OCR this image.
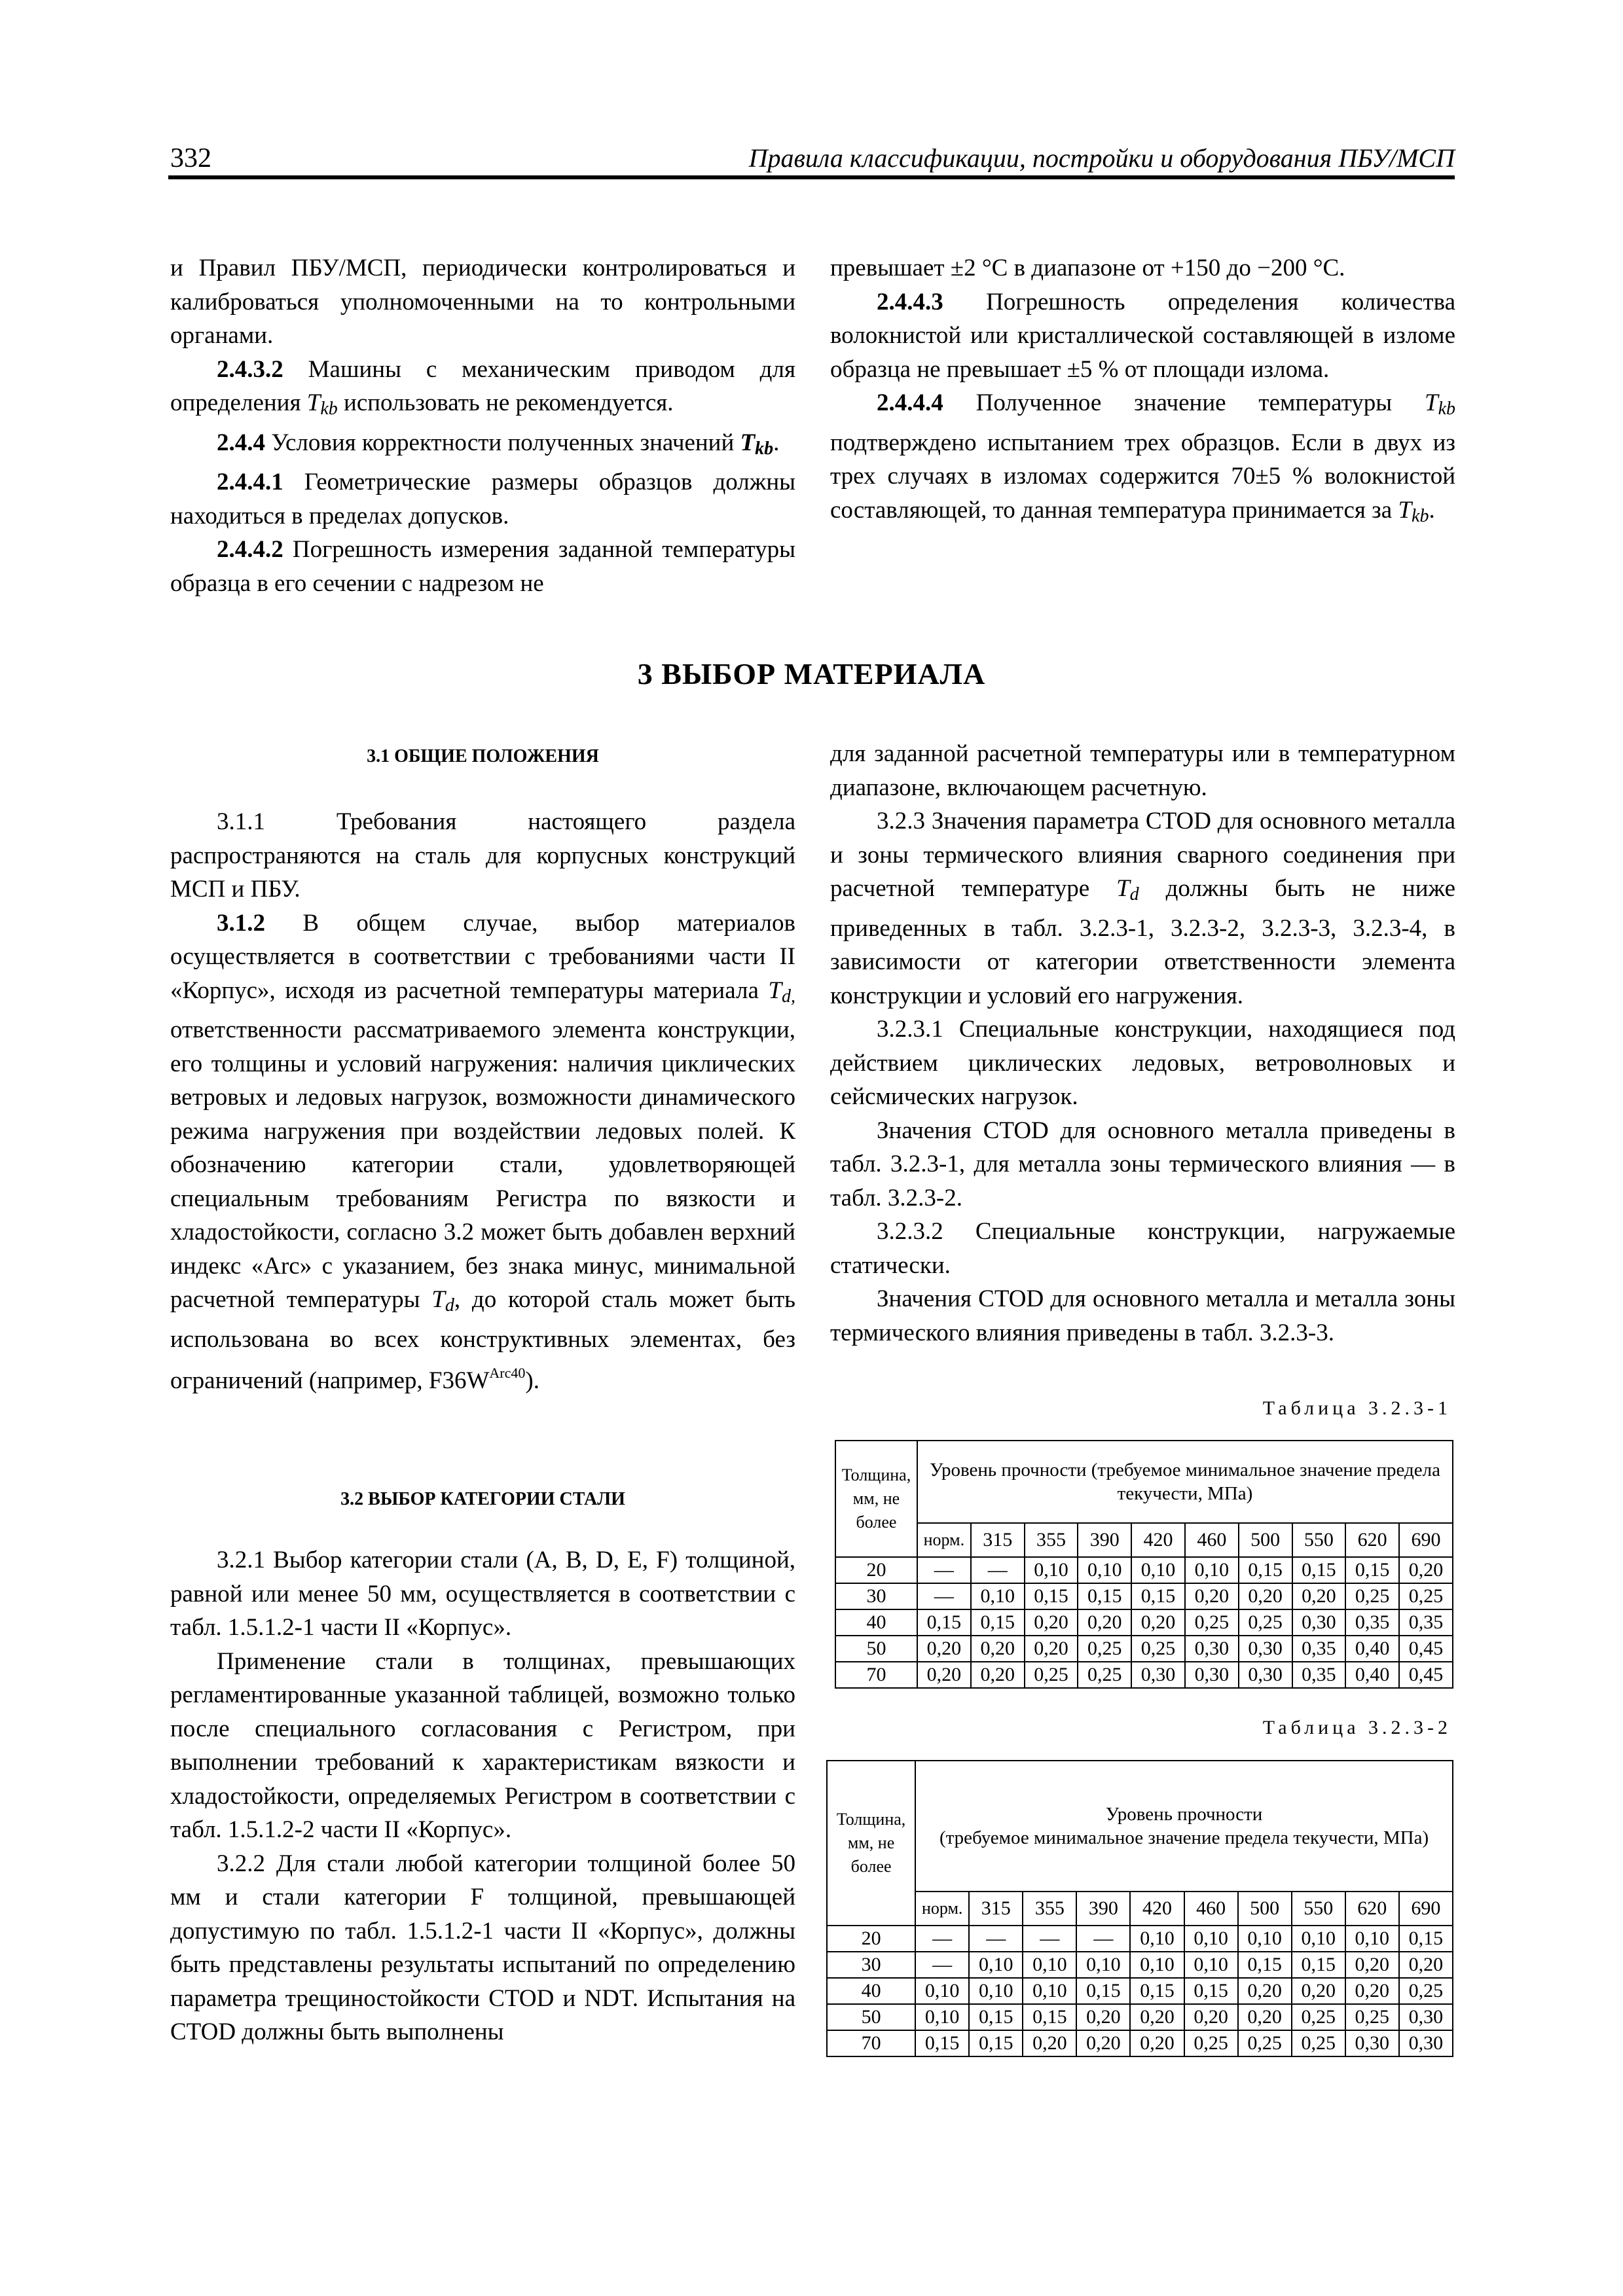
332	Правила классификации, постройки и оборудования ПБУ/МСП

и Правил ПБУ/МСП, периодически контролироваться и калиброваться уполномоченными на то контрольными органами.

2.4.3.2 Машины с механическим приводом для определения $T_{kb}$ использовать не рекомендуется.

2.4.4 Условия корректности полученных значений $T_{kb}$.

2.4.4.1 Геометрические размеры образцов должны находиться в пределах допусков.

2.4.4.2 Погрешность измерения заданной температуры образца в его сечении с надрезом не

превышает ±2 °C в диапазоне от +150 до −200 °C.

2.4.4.3 Погрешность определения количества волокнистой или кристаллической составляющей в изломе образца не превышает ±5 % от площади излома.

2.4.4.4 Полученное значение температуры $T_{kb}$ подтверждено испытанием трех образцов. Если в двух из трех случаях в изломах содержится 70±5 % волокнистой составляющей, то данная температура принимается за $T_{kb}$.

3 ВЫБОР МАТЕРИАЛА
3.1 ОБЩИЕ ПОЛОЖЕНИЯ

3.1.1 Требования настоящего раздела распространяются на сталь для корпусных конструкций МСП и ПБУ.

3.1.2 В общем случае, выбор материалов осуществляется в соответствии с требованиями части II «Корпус», исходя из расчетной температуры материала $T_{d,}$ ответственности рассматриваемого элемента конструкции, его толщины и условий нагружения: наличия циклических ветровых и ледовых нагрузок, возможности динамического режима нагружения при воздействии ледовых полей. К обозначению категории стали, удовлетворяющей специальным требованиям Регистра по вязкости и хладостойкости, согласно 3.2 может быть добавлен верхний индекс «Arc» с указанием, без знака минус, минимальной расчетной температуры $T_d$, до которой сталь может быть использована во всех конструктивных элементах, без ограничений (например, $F36W^{Arc40}$).

3.2 ВЫБОР КАТЕГОРИИ СТАЛИ

3.2.1 Выбор категории стали (A, B, D, E, F) толщиной, равной или менее 50 мм, осуществляется в соответствии с табл. 1.5.1.2-1 части II «Корпус».

Применение стали в толщинах, превышающих регламентированные указанной таблицей, возможно только после специального согласования с Регистром, при выполнении требований к характеристикам вязкости и хладостойкости, определяемых Регистром в соответствии с табл. 1.5.1.2-2 части II «Корпус».

3.2.2 Для стали любой категории толщиной более 50 мм и стали категории F толщиной, превышающей допустимую по табл. 1.5.1.2-1 части II «Корпус», должны быть представлены результаты испытаний по определению параметра трещиностойкости CTOD и NDT. Испытания на CTOD должны быть выполнены

для заданной расчетной температуры или в температурном диапазоне, включающем расчетную.

3.2.3 Значения параметра CTOD для основного металла и зоны термического влияния сварного соединения при расчетной температуре $T_d$ должны быть не ниже приведенных в табл. 3.2.3-1, 3.2.3-2, 3.2.3-3, 3.2.3-4, в зависимости от категории ответственности элемента конструкции и условий его нагружения.

3.2.3.1 Специальные конструкции, находящиеся под действием циклических ледовых, ветроволновых и сейсмических нагрузок.

Значения CTOD для основного металла приведены в табл. 3.2.3-1, для металла зоны термического влияния — в табл. 3.2.3-2.

3.2.3.2 Специальные конструкции, нагружаемые статически.

Значения CTOD для основного металла и металла зоны термического влияния приведены в табл. 3.2.3-3.

Таблица 3.2.3-1
Толщина, мм, не более	Уровень прочности (требуемое минимальное значение предела текучести, МПа)									
	норм.	315	355	390	420	460	500	550	620	690
20	—	—	0,10	0,10	0,10	0,10	0,15	0,15	0,15	0,20
30	—	0,10	0,15	0,15	0,15	0,20	0,20	0,20	0,25	0,25
40	0,15	0,15	0,20	0,20	0,20	0,25	0,25	0,30	0,35	0,35
50	0,20	0,20	0,20	0,25	0,25	0,30	0,30	0,35	0,40	0,45
70	0,20	0,20	0,25	0,25	0,30	0,30	0,30	0,35	0,40	0,45
Таблица 3.2.3-2
Толщина, мм, не более	Уровень прочности
(требуемое минимальное значение предела текучести, МПа)									
	норм.	315	355	390	420	460	500	550	620	690
20	—	—	—	—	0,10	0,10	0,10	0,10	0,10	0,15
30	—	0,10	0,10	0,10	0,10	0,10	0,15	0,15	0,20	0,20
40	0,10	0,10	0,10	0,15	0,15	0,15	0,20	0,20	0,20	0,25
50	0,10	0,15	0,15	0,20	0,20	0,20	0,20	0,25	0,25	0,30
70	0,15	0,15	0,20	0,20	0,20	0,25	0,25	0,25	0,30	0,30
